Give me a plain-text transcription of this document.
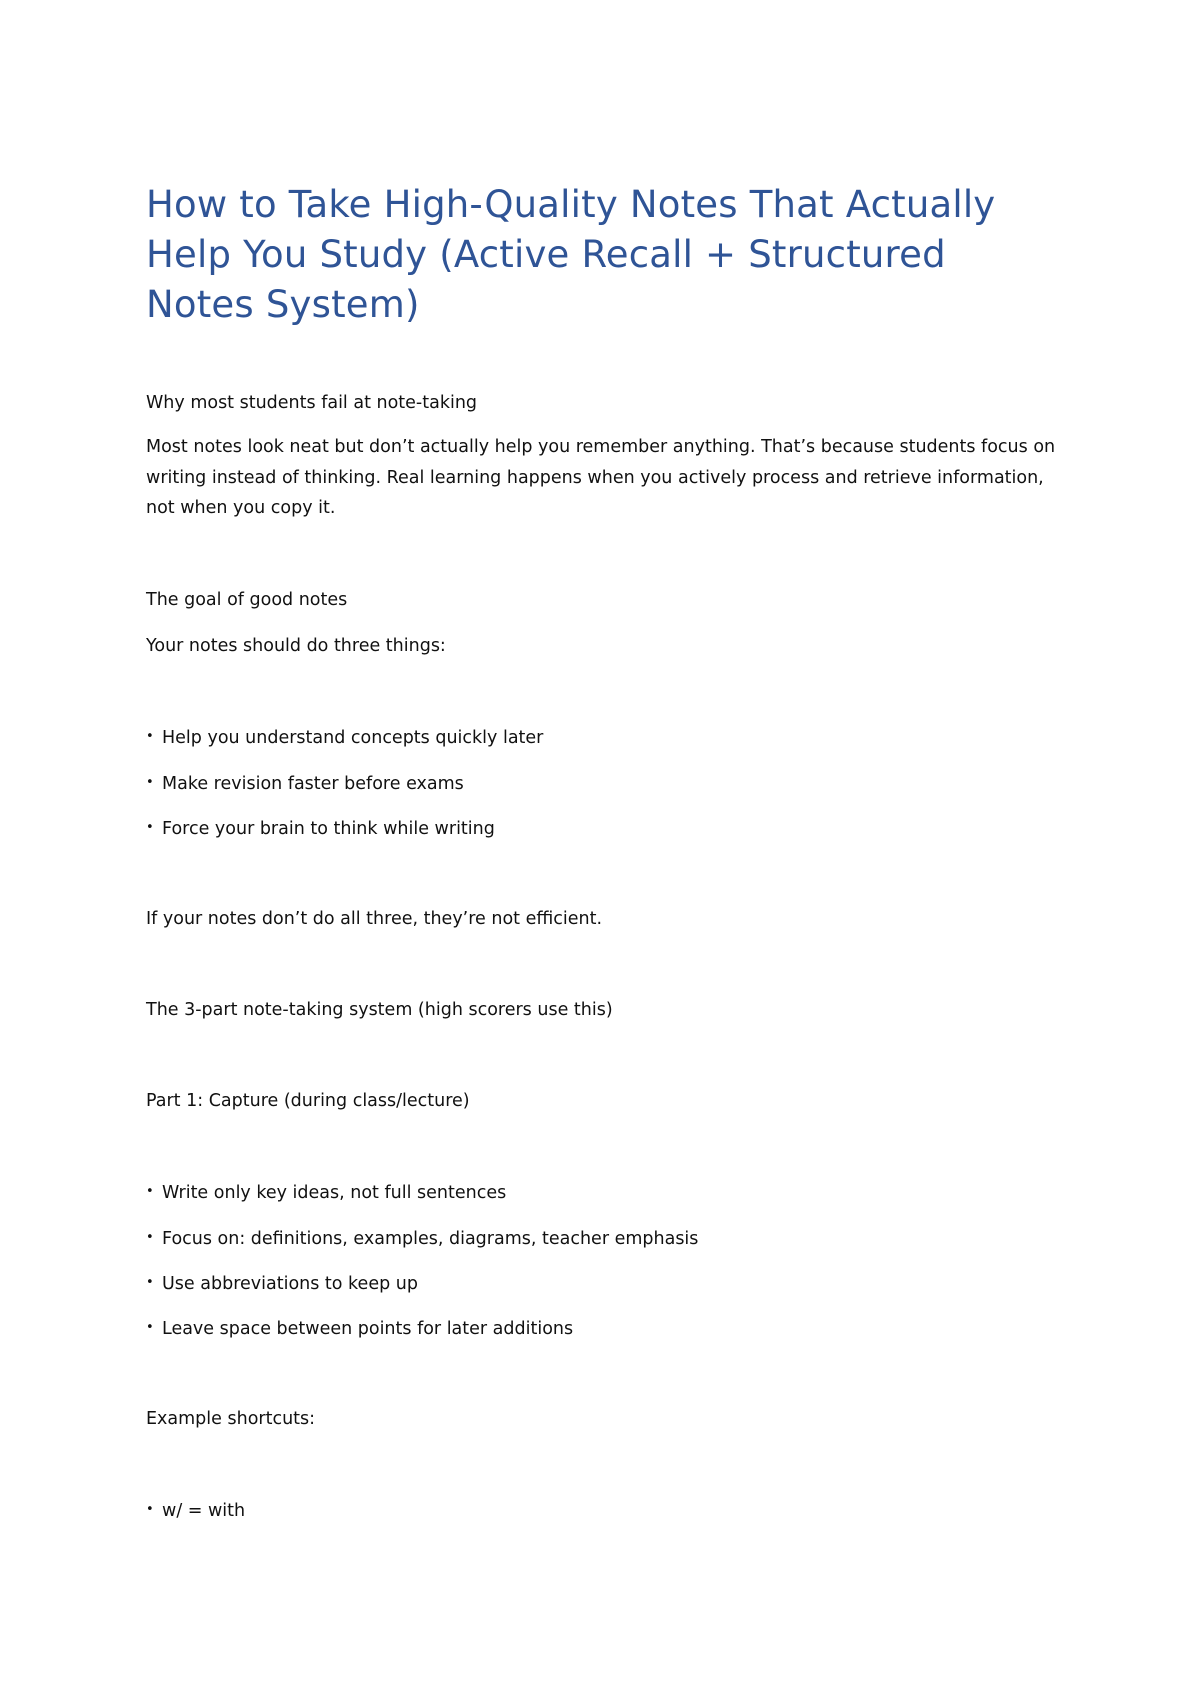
How to Take High-Quality Notes That Actually Help You Study (Active Recall + Structured Notes System)

Why most students fail at note-taking

Most notes look neat but don’t actually help you remember anything. That’s because students focus on writing instead of thinking. Real learning happens when you actively process and retrieve information, not when you copy it.

The goal of good notes

Your notes should do three things:

• Help you understand concepts quickly later

• Make revision faster before exams

• Force your brain to think while writing

If your notes don’t do all three, they’re not efficient.

The 3-part note-taking system (high scorers use this)

Part 1: Capture (during class/lecture)

• Write only key ideas, not full sentences

• Focus on: definitions, examples, diagrams, teacher emphasis

• Use abbreviations to keep up

• Leave space between points for later additions

Example shortcuts:

• w/ = with
